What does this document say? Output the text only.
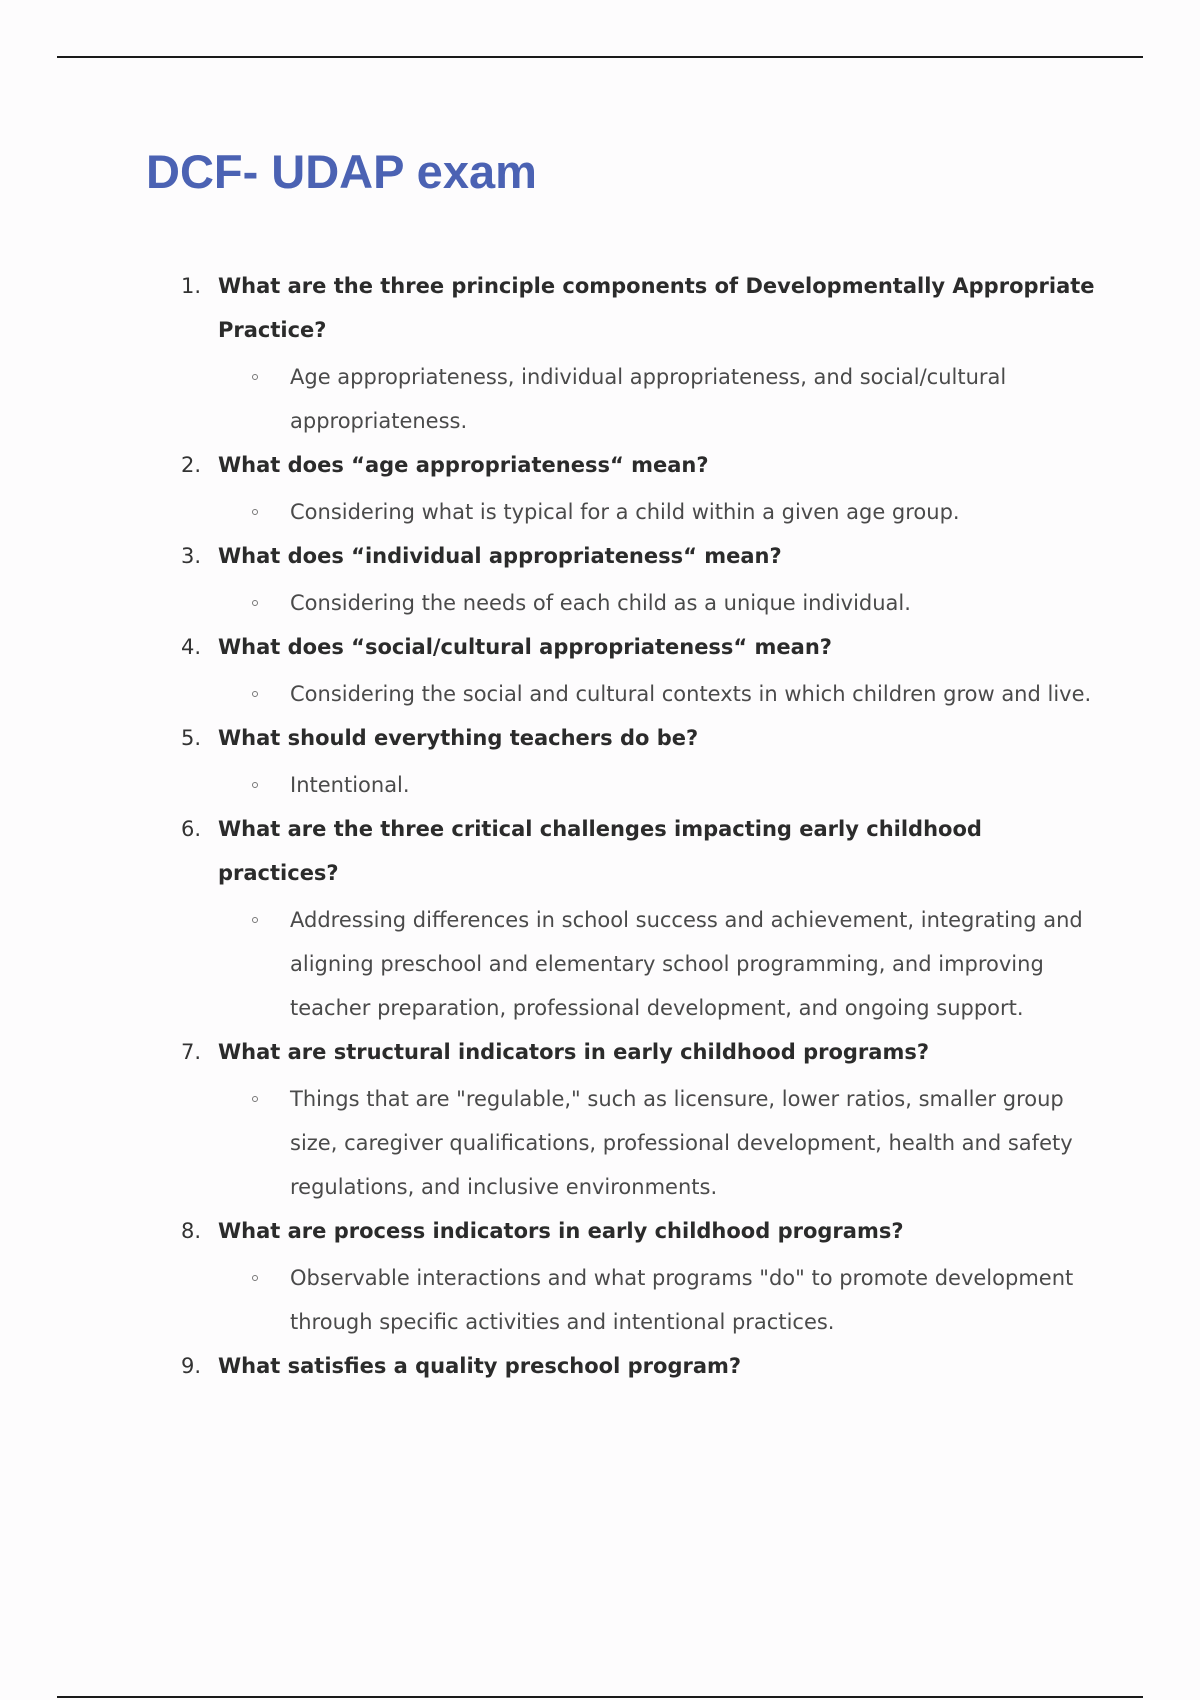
DCF- UDAP exam
1. What are the three principle components of Developmentally Appropriate Practice?
Age appropriateness, individual appropriateness, and social/cultural appropriateness.
2. What does “age appropriateness“ mean?
Considering what is typical for a child within a given age group.
3. What does “individual appropriateness“ mean?
Considering the needs of each child as a unique individual.
4. What does “social/cultural appropriateness“ mean?
Considering the social and cultural contexts in which children grow and live.
5. What should everything teachers do be?
Intentional.
6. What are the three critical challenges impacting early childhood practices?
Addressing differences in school success and achievement, integrating and aligning preschool and elementary school programming, and improving teacher preparation, professional development, and ongoing support.
7. What are structural indicators in early childhood programs?
Things that are "regulable," such as licensure, lower ratios, smaller group size, caregiver qualifications, professional development, health and safety regulations, and inclusive environments.
8. What are process indicators in early childhood programs?
Observable interactions and what programs "do" to promote development through specific activities and intentional practices.
9. What satisfies a quality preschool program?
